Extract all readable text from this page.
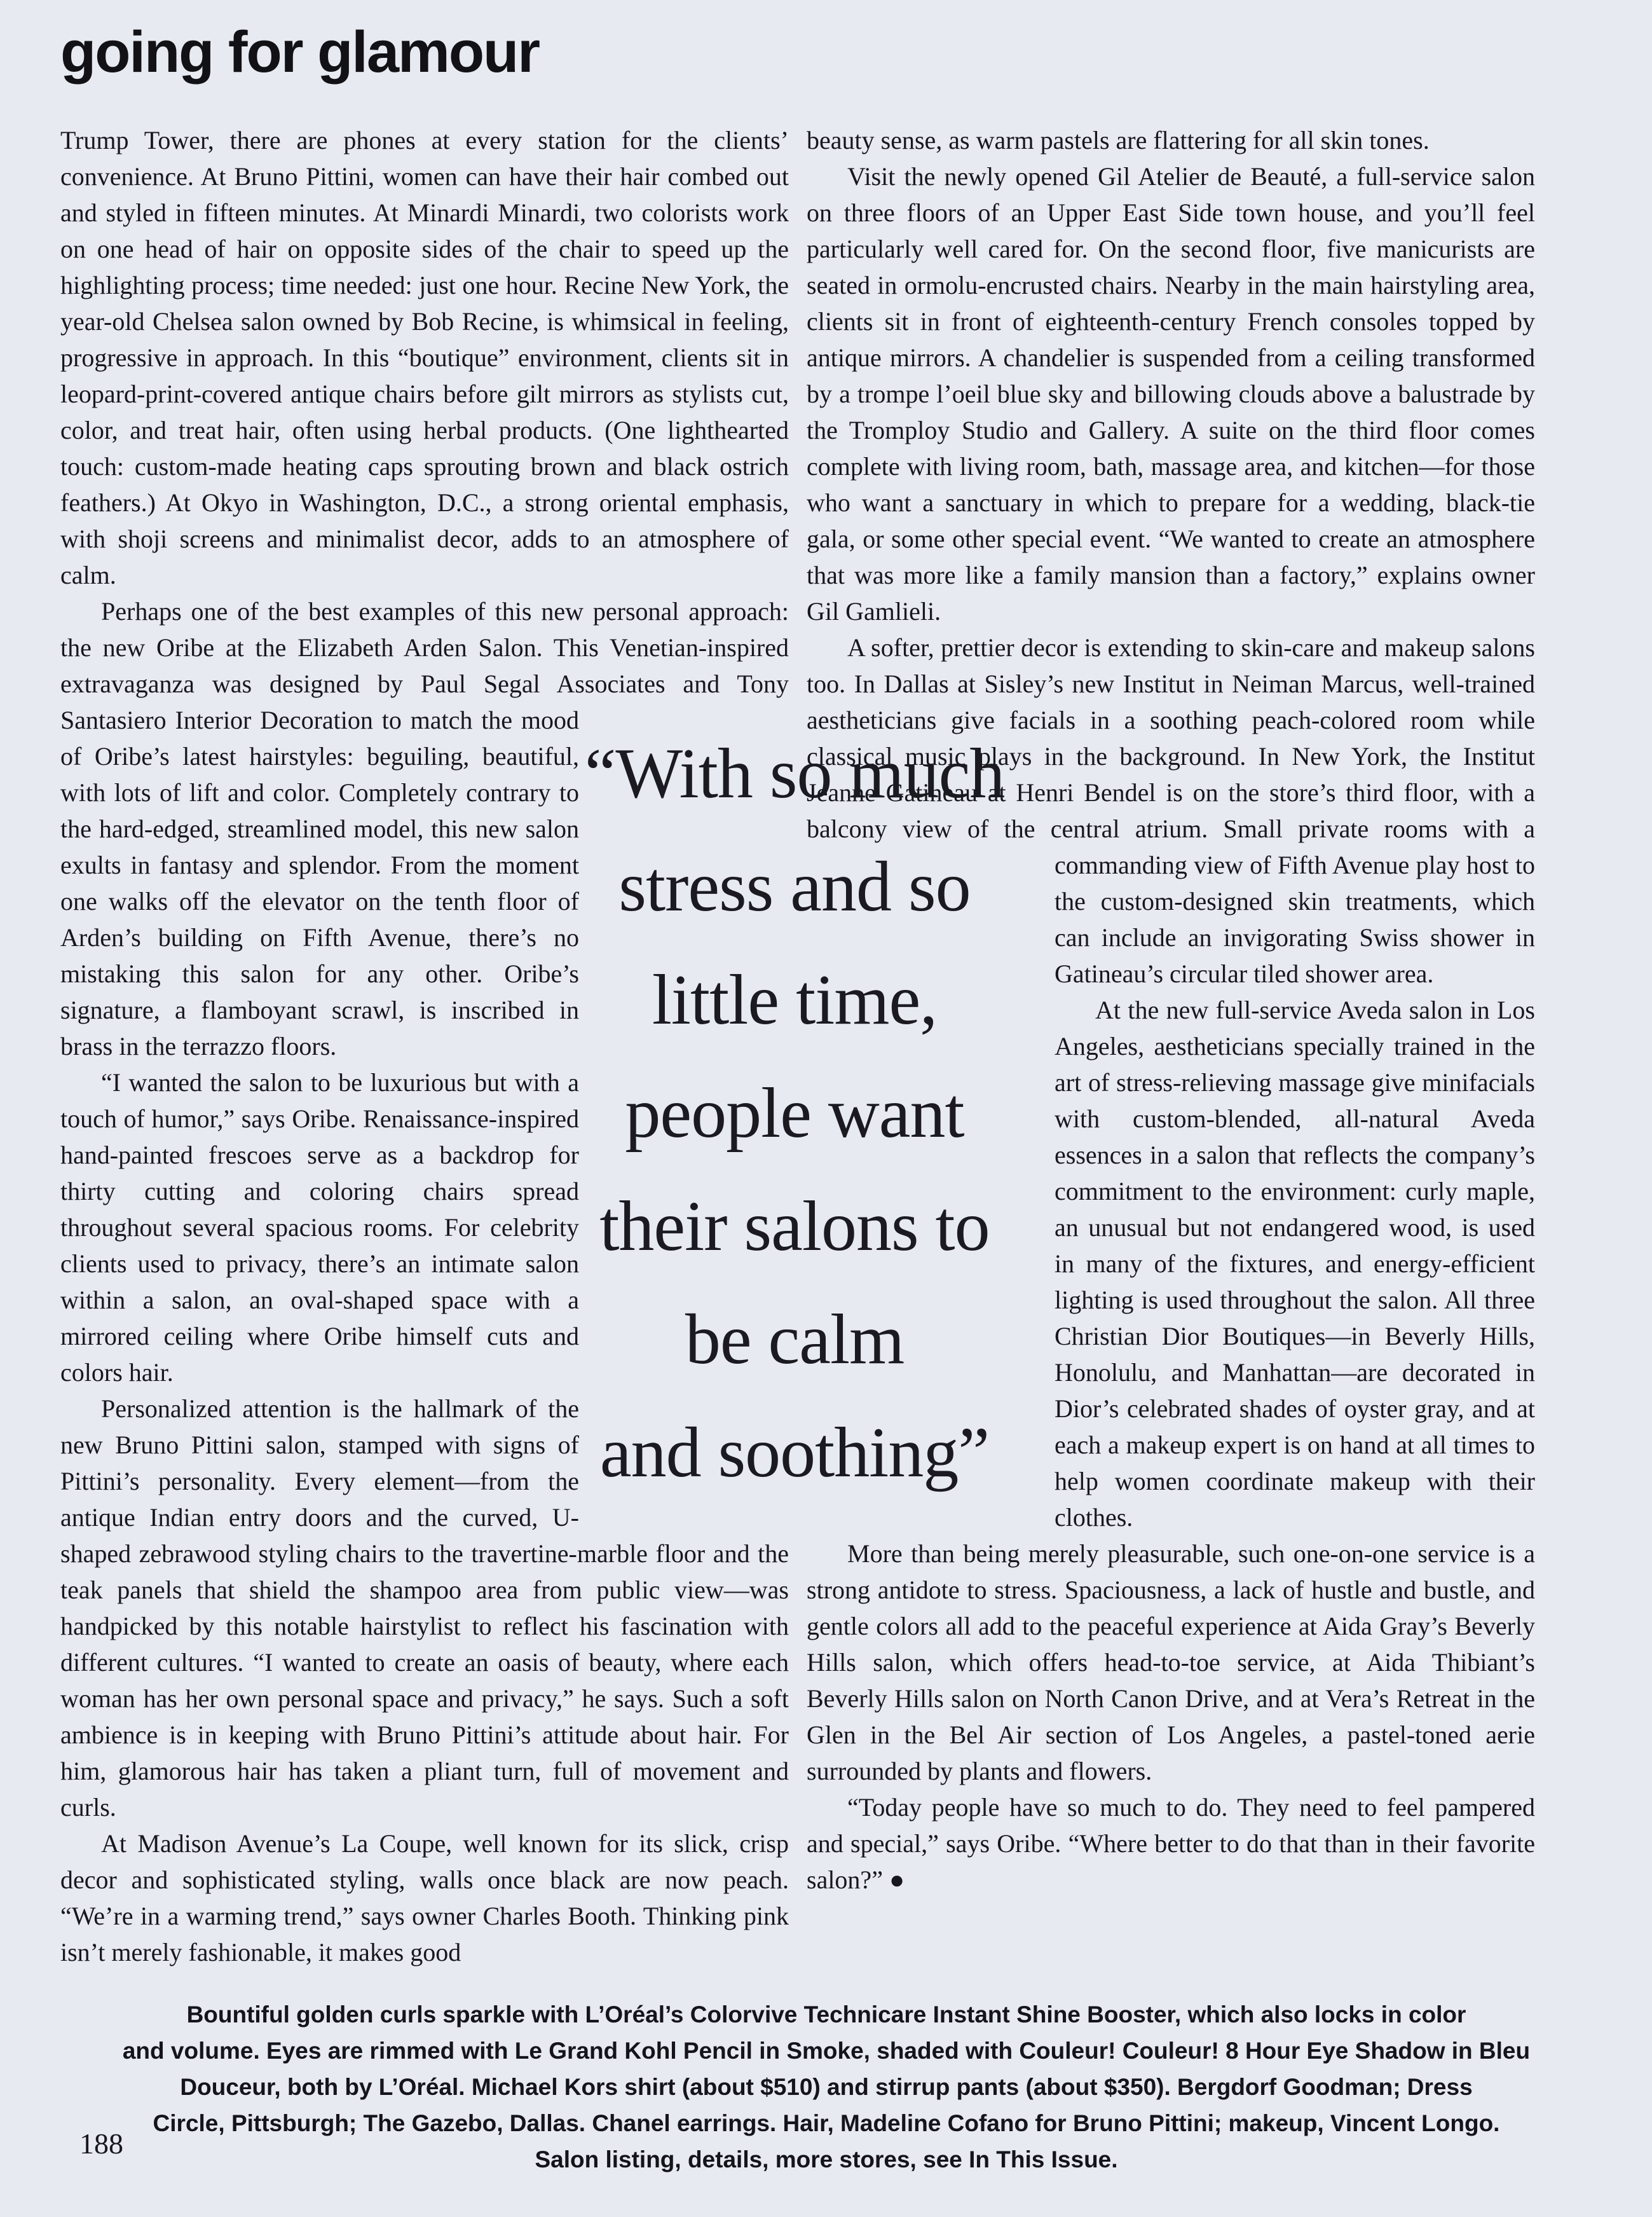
going for glamour

Trump Tower, there are phones at every station for the clients’ convenience. At Bruno Pittini, women can have their hair combed out and styled in fifteen minutes. At Minardi Minardi, two colorists work on one head of hair on opposite sides of the chair to speed up the highlighting process; time needed: just one hour. Recine New York, the year-old Chelsea salon owned by Bob Recine, is whimsical in feeling, progressive in approach. In this “boutique” environment, clients sit in leopard-print-covered antique chairs before gilt mirrors as stylists cut, color, and treat hair, often using herbal products. (One lighthearted touch: custom-made heating caps sprouting brown and black ostrich feathers.) At Okyo in Washington, D.C., a strong oriental emphasis, with shoji screens and minimalist decor, adds to an atmosphere of calm.

Perhaps one of the best examples of this new personal approach: the new Oribe at the Elizabeth Arden Salon. This Venetian-inspired extravaganza was designed by Paul Segal Associates and Tony Santasiero Interior Decoration to match the mood of Oribe’s latest hairstyles: beguiling, beautiful, with lots of lift and color. Completely contrary to the hard-edged, streamlined model, this new salon exults in fantasy and splendor. From the moment one walks off the elevator on the tenth floor of Arden’s building on Fifth Avenue, there’s no mistaking this salon for any other. Oribe’s signature, a flamboyant scrawl, is inscribed in brass in the terrazzo floors.

“I wanted the salon to be luxurious but with a touch of humor,” says Oribe. Renaissance-inspired hand-painted frescoes serve as a backdrop for thirty cutting and coloring chairs spread throughout several spacious rooms. For celebrity clients used to privacy, there’s an intimate salon within a salon, an oval-shaped space with a mirrored ceiling where Oribe himself cuts and colors hair.

Personalized attention is the hallmark of the new Bruno Pittini salon, stamped with signs of Pittini’s personality. Every element—from the antique Indian entry doors and the curved, U-shaped zebrawood styling chairs to the travertine-marble floor and the teak panels that shield the shampoo area from public view—was handpicked by this notable hairstylist to reflect his fascination with different cultures. “I wanted to create an oasis of beauty, where each woman has her own personal space and privacy,” he says. Such a soft ambience is in keeping with Bruno Pittini’s attitude about hair. For him, glamorous hair has taken a pliant turn, full of movement and curls.

At Madison Avenue’s La Coupe, well known for its slick, crisp decor and sophisticated styling, walls once black are now peach. “We’re in a warming trend,” says owner Charles Booth. Thinking pink isn’t merely fashionable, it makes good

beauty sense, as warm pastels are flattering for all skin tones.

Visit the newly opened Gil Atelier de Beauté, a full-service salon on three floors of an Upper East Side town house, and you’ll feel particularly well cared for. On the second floor, five manicurists are seated in ormolu-encrusted chairs. Nearby in the main hairstyling area, clients sit in front of eighteenth-century French consoles topped by antique mirrors. A chandelier is suspended from a ceiling transformed by a trompe l’oeil blue sky and billowing clouds above a balustrade by the Tromploy Studio and Gallery. A suite on the third floor comes complete with living room, bath, massage area, and kitchen—for those who want a sanctuary in which to prepare for a wedding, black-tie gala, or some other special event. “We wanted to create an atmosphere that was more like a family mansion than a factory,” explains owner Gil Gamlieli.

A softer, prettier decor is extending to skin-care and makeup salons too. In Dallas at Sisley’s new Institut in Neiman Marcus, well-trained aestheticians give facials in a soothing peach-colored room while classical music plays in the background. In New York, the Institut Jeanne Gatineau at Henri Bendel is on the store’s third floor, with a balcony view of the central atrium. Small private rooms with a commanding view of Fifth Avenue play host to the custom-designed skin treatments, which can include an invigorating Swiss shower in Gatineau’s circular tiled shower area.

At the new full-service Aveda salon in Los Angeles, aestheticians specially trained in the art of stress-relieving massage give minifacials with custom-blended, all-natural Aveda essences in a salon that reflects the company’s commitment to the environment: curly maple, an unusual but not endangered wood, is used in many of the fixtures, and energy-efficient lighting is used throughout the salon. All three Christian Dior Boutiques—in Beverly Hills, Honolulu, and Manhattan—are decorated in Dior’s celebrated shades of oyster gray, and at each a makeup expert is on hand at all times to help women coordinate makeup with their clothes.

More than being merely pleasurable, such one-on-one service is a strong antidote to stress. Spaciousness, a lack of hustle and bustle, and gentle colors all add to the peaceful experience at Aida Gray’s Beverly Hills salon, which offers head-to-toe service, at Aida Thibiant’s Beverly Hills salon on North Canon Drive, and at Vera’s Retreat in the Glen in the Bel Air section of Los Angeles, a pastel-toned aerie surrounded by plants and flowers.

“Today people have so much to do. They need to feel pampered and special,” says Oribe. “Where better to do that than in their favorite salon?” ●

“With so much
stress and so
little time,
people want
their salons to
be calm
and soothing”
Bountiful golden curls sparkle with L’Oréal’s Colorvive Technicare Instant Shine Booster, which also locks in color
and volume. Eyes are rimmed with Le Grand Kohl Pencil in Smoke, shaded with Couleur! Couleur! 8 Hour Eye Shadow in Bleu
Douceur, both by L’Oréal. Michael Kors shirt (about $510) and stirrup pants (about $350). Bergdorf Goodman; Dress
Circle, Pittsburgh; The Gazebo, Dallas. Chanel earrings. Hair, Madeline Cofano for Bruno Pittini; makeup, Vincent Longo.
Salon listing, details, more stores, see In This Issue.
188
